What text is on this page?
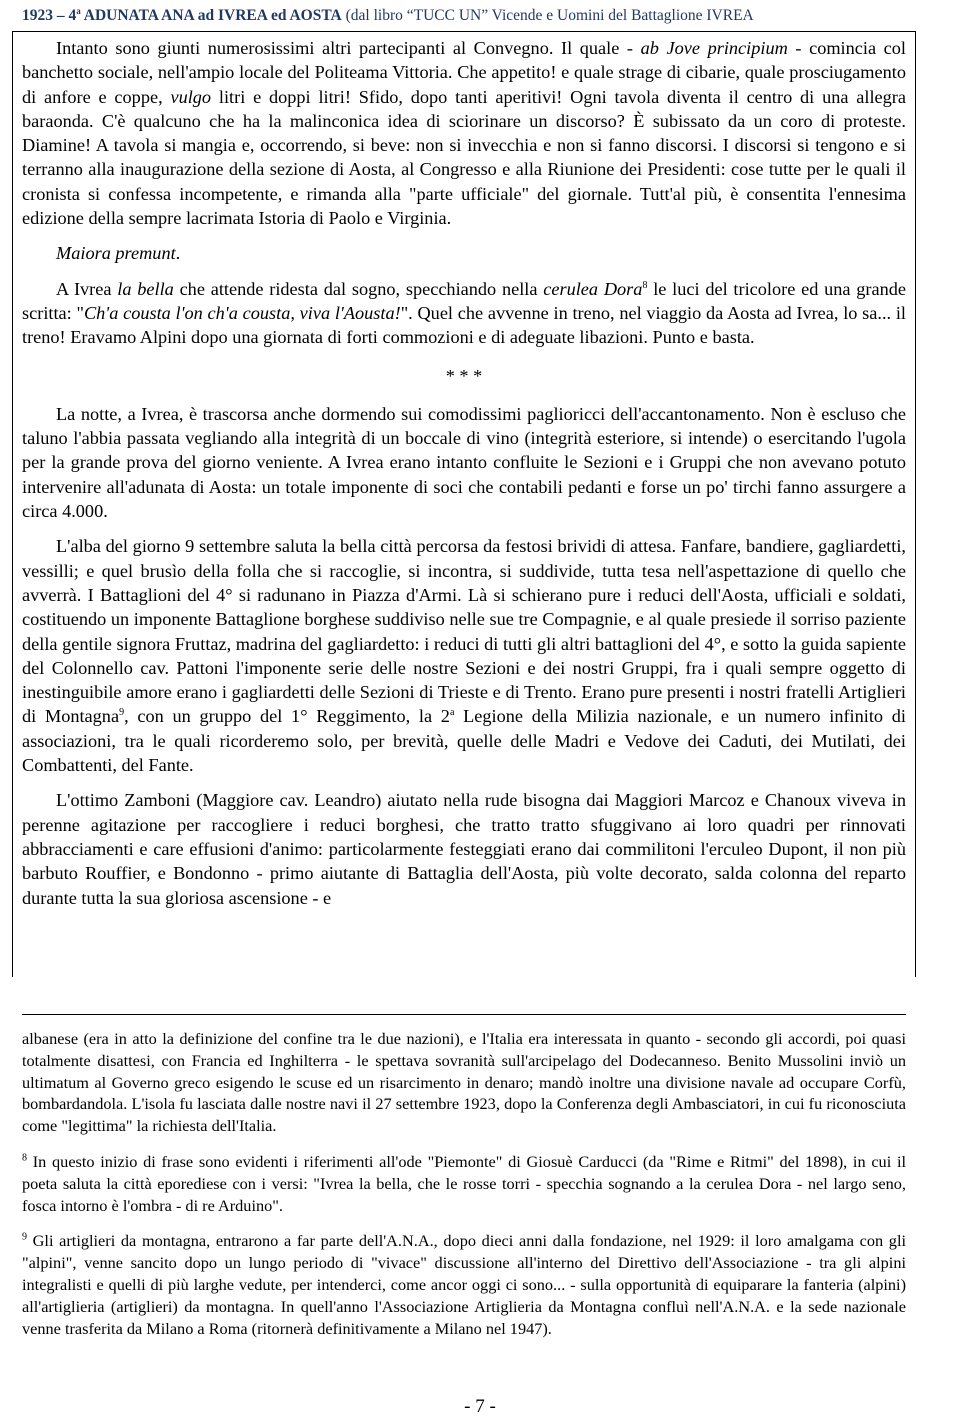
1923 – 4$^a$ ADUNATA ANA ad IVREA ed AOSTA (dal libro “TUCC UN” Vicende e Uomini del Battaglione IVREA

Intanto sono giunti numerosissimi altri partecipanti al Convegno. Il quale - ab Jove principium - comincia col banchetto sociale, nell'ampio locale del Politeama Vittoria. Che appetito! e quale strage di cibarie, quale prosciugamento di anfore e coppe, vulgo litri e doppi litri! Sfido, dopo tanti aperitivi! Ogni tavola diventa il centro di una allegra baraonda. C'è qualcuno che ha la malinconica idea di sciorinare un discorso? È subissato da un coro di proteste. Diamine! A tavola si mangia e, occorrendo, si beve: non si invecchia e non si fanno discorsi. I discorsi si tengono e si terranno alla inaugurazione della sezione di Aosta, al Congresso e alla Riunione dei Presidenti: cose tutte per le quali il cronista si confessa incompetente, e rimanda alla "parte ufficiale" del giornale. Tutt'al più, è consentita l'ennesima edizione della sempre lacrimata Istoria di Paolo e Virginia.

Maiora premunt.

A Ivrea la bella che attende ridesta dal sogno, specchiando nella cerulea Dora$^8$ le luci del tricolore ed una grande scritta: "Ch'a cousta l'on ch'a cousta, viva l'Aousta!". Quel che avvenne in treno, nel viaggio da Aosta ad Ivrea, lo sa... il treno! Eravamo Alpini dopo una giornata di forti commozioni e di adeguate libazioni. Punto e basta.

* * *

La notte, a Ivrea, è trascorsa anche dormendo sui comodissimi paglioricci dell'accantonamento. Non è escluso che taluno l'abbia passata vegliando alla integrità di un boccale di vino (integrità esteriore, si intende) o esercitando l'ugola per la grande prova del giorno veniente. A Ivrea erano intanto confluite le Sezioni e i Gruppi che non avevano potuto intervenire all'adunata di Aosta: un totale imponente di soci che contabili pedanti e forse un po' tirchi fanno assurgere a circa 4.000.

L'alba del giorno 9 settembre saluta la bella città percorsa da festosi brividi di attesa. Fanfare, bandiere, gagliardetti, vessilli; e quel brusìo della folla che si raccoglie, si incontra, si suddivide, tutta tesa nell'aspettazione di quello che avverrà. I Battaglioni del 4° si radunano in Piazza d'Armi. Là si schierano pure i reduci dell'Aosta, ufficiali e soldati, costituendo un imponente Battaglione borghese suddiviso nelle sue tre Compagnie, e al quale presiede il sorriso paziente della gentile signora Fruttaz, madrina del gagliardetto: i reduci di tutti gli altri battaglioni del 4°, e sotto la guida sapiente del Colonnello cav. Pattoni l'imponente serie delle nostre Sezioni e dei nostri Gruppi, fra i quali sempre oggetto di inestinguibile amore erano i gagliardetti delle Sezioni di Trieste e di Trento. Erano pure presenti i nostri fratelli Artiglieri di Montagna$^9$, con un gruppo del 1° Reggimento, la 2$^a$ Legione della Milizia nazionale, e un numero infinito di associazioni, tra le quali ricorderemo solo, per brevità, quelle delle Madri e Vedove dei Caduti, dei Mutilati, dei Combattenti, del Fante.

L'ottimo Zamboni (Maggiore cav. Leandro) aiutato nella rude bisogna dai Maggiori Marcoz e Chanoux viveva in perenne agitazione per raccogliere i reduci borghesi, che tratto tratto sfuggivano ai loro quadri per rinnovati abbracciamenti e care effusioni d'animo: particolarmente festeggiati erano dai commilitoni l'erculeo Dupont, il non più barbuto Rouffier, e Bondonno - primo aiutante di Battaglia dell'Aosta, più volte decorato, salda colonna del reparto durante tutta la sua gloriosa ascensione - e

albanese (era in atto la definizione del confine tra le due nazioni), e l'Italia era interessata in quanto - secondo gli accordi, poi quasi totalmente disattesi, con Francia ed Inghilterra - le spettava sovranità sull'arcipelago del Dodecanneso. Benito Mussolini inviò un ultimatum al Governo greco esigendo le scuse ed un risarcimento in denaro; mandò inoltre una divisione navale ad occupare Corfù, bombardandola. L'isola fu lasciata dalle nostre navi il 27 settembre 1923, dopo la Conferenza degli Ambasciatori, in cui fu riconosciuta come "legittima" la richiesta dell'Italia.

$^8$ In questo inizio di frase sono evidenti i riferimenti all'ode "Piemonte" di Giosuè Carducci (da "Rime e Ritmi" del 1898), in cui il poeta saluta la città eporediese con i versi: "Ivrea la bella, che le rosse torri - specchia sognando a la cerulea Dora - nel largo seno, fosca intorno è l'ombra - di re Arduino".

$^9$ Gli artiglieri da montagna, entrarono a far parte dell'A.N.A., dopo dieci anni dalla fondazione, nel 1929: il loro amalgama con gli "alpini", venne sancito dopo un lungo periodo di "vivace" discussione all'interno del Direttivo dell'Associazione - tra gli alpini integralisti e quelli di più larghe vedute, per intenderci, come ancor oggi ci sono... - sulla opportunità di equiparare la fanteria (alpini) all'artiglieria (artiglieri) da montagna. In quell'anno l'Associazione Artiglieria da Montagna confluì nell'A.N.A. e la sede nazionale venne trasferita da Milano a Roma (ritornerà definitivamente a Milano nel 1947).

- 7 -
